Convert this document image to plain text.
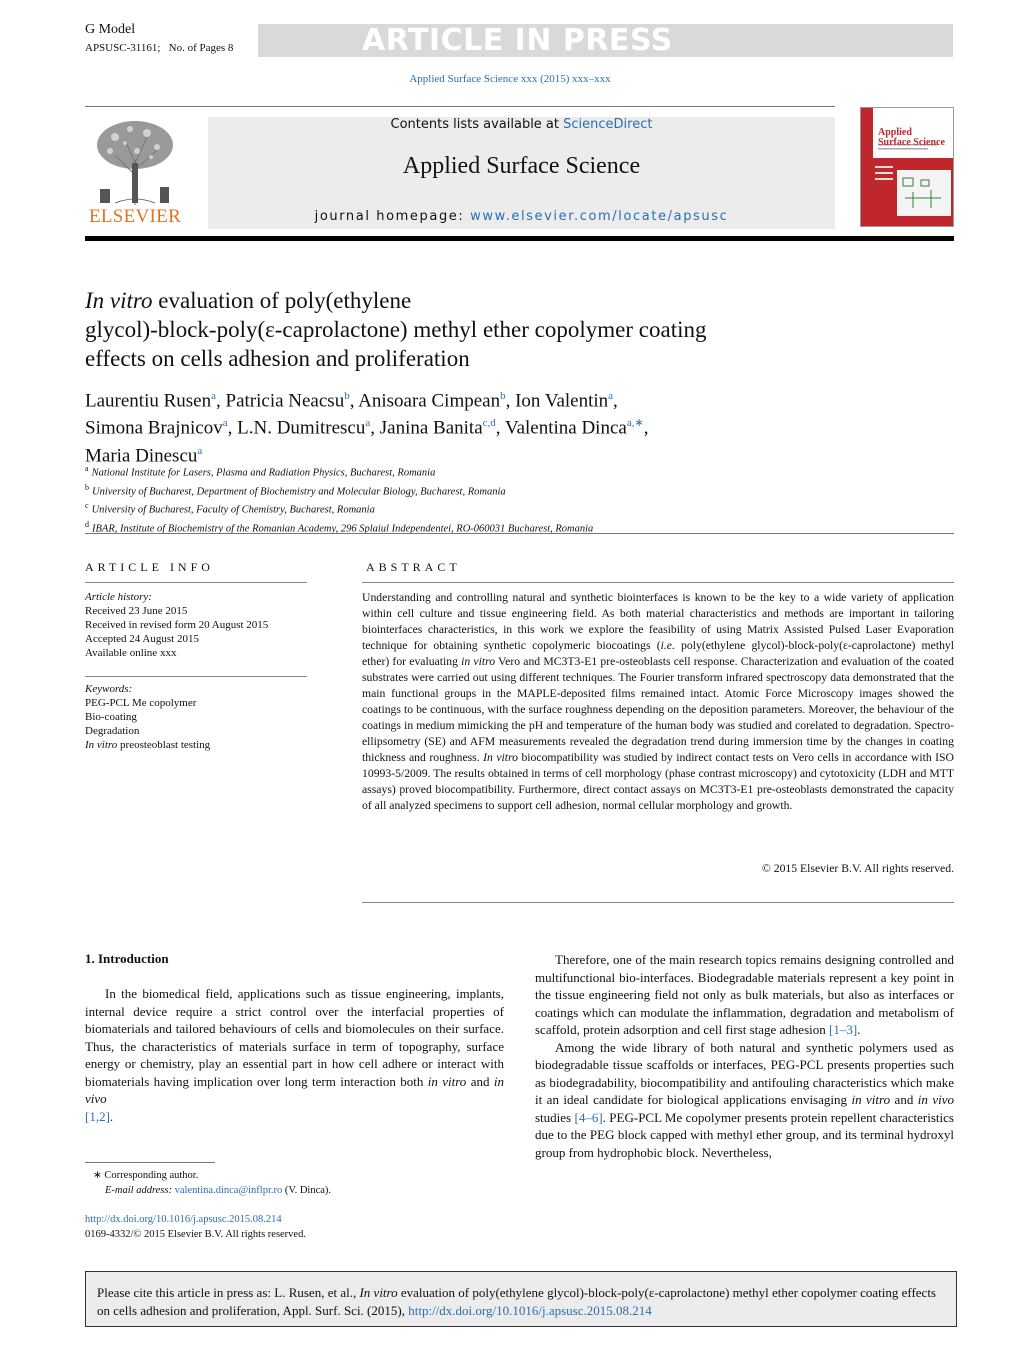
G Model
APSUSC-31161; No. of Pages 8	ARTICLE IN PRESS
Applied Surface Science xxx (2015) xxx–xxx
ELSEVIER
Contents lists available at ScienceDirect
Applied Surface Science
journal homepage: www.elsevier.com/locate/apsusc
Applied
Surface Science
In vitro evaluation of poly(ethylene
glycol)-block-poly(ε-caprolactone) methyl ether copolymer coating
effects on cells adhesion and proliferation
Laurentiu Rusen$^a$, Patricia Neacsu$^b$, Anisoara Cimpean$^b$, Ion Valentin$^a$,
Simona Brajnicov$^a$, L.N. Dumitrescu$^a$, Janina Banita$^{c,d}$, Valentina Dinca$^{a,∗}$,
Maria Dinescu$^a$
$^a$ National Institute for Lasers, Plasma and Radiation Physics, Bucharest, Romania
$^b$ University of Bucharest, Department of Biochemistry and Molecular Biology, Bucharest, Romania
$^c$ University of Bucharest, Faculty of Chemistry, Bucharest, Romania
$^d$ IBAR, Institute of Biochemistry of the Romanian Academy, 296 Splaiul Independentei, RO-060031 Bucharest, Romania
ARTICLE INFO
Article history:
Received 23 June 2015
Received in revised form 20 August 2015
Accepted 24 August 2015
Available online xxx
Keywords:
PEG-PCL Me copolymer
Bio-coating
Degradation
In vitro preosteoblast testing
ABSTRACT
Understanding and controlling natural and synthetic biointerfaces is known to be the key to a wide variety of application within cell culture and tissue engineering field. As both material characteristics and methods are important in tailoring biointerfaces characteristics, in this work we explore the feasibility of using Matrix Assisted Pulsed Laser Evaporation technique for obtaining synthetic copolymeric biocoatings (i.e. poly(ethylene glycol)-block-poly(ε-caprolactone) methyl ether) for evaluating in vitro Vero and MC3T3-E1 pre-osteoblasts cell response. Characterization and evaluation of the coated substrates were carried out using different techniques. The Fourier transform infrared spectroscopy data demonstrated that the main functional groups in the MAPLE-deposited films remained intact. Atomic Force Microscopy images showed the coatings to be continuous, with the surface roughness depending on the deposition parameters. Moreover, the behaviour of the coatings in medium mimicking the pH and temperature of the human body was studied and corelated to degradation. Spectro-ellipsometry (SE) and AFM measurements revealed the degradation trend during immersion time by the changes in coating thickness and roughness. In vitro biocompatibility was studied by indirect contact tests on Vero cells in accordance with ISO 10993-5/2009. The results obtained in terms of cell morphology (phase contrast microscopy) and cytotoxicity (LDH and MTT assays) proved biocompatibility. Furthermore, direct contact assays on MC3T3-E1 pre-osteoblasts demonstrated the capacity of all analyzed specimens to support cell adhesion, normal cellular morphology and growth.
© 2015 Elsevier B.V. All rights reserved.
1. Introduction
In the biomedical field, applications such as tissue engineering, implants, internal device require a strict control over the interfacial properties of biomaterials and tailored behaviours of cells and biomolecules on their surface. Thus, the characteristics of materials surface in term of topography, surface energy or chemistry, play an essential part in how cell adhere or interact with biomaterials having implication over long term interaction both in vitro and in vivo
[1,2].
Therefore, one of the main research topics remains designing controlled and multifunctional bio-interfaces. Biodegradable materials represent a key point in the tissue engineering field not only as bulk materials, but also as interfaces or coatings which can modulate the inflammation, degradation and metabolism of scaffold, protein adsorption and cell first stage adhesion [1–3].
Among the wide library of both natural and synthetic polymers used as biodegradable tissue scaffolds or interfaces, PEG-PCL presents properties such as biodegradability, biocompatibility and antifouling characteristics which make it an ideal candidate for biological applications envisaging in vitro and in vivo studies [4–6]. PEG-PCL Me copolymer presents protein repellent characteristics due to the PEG block capped with methyl ether group, and its terminal hydroxyl group from hydrophobic block. Nevertheless,
∗ Corresponding author.
E-mail address: valentina.dinca@inflpr.ro (V. Dinca).
http://dx.doi.org/10.1016/j.apsusc.2015.08.214
0169-4332/© 2015 Elsevier B.V. All rights reserved.
Please cite this article in press as: L. Rusen, et al., In vitro evaluation of poly(ethylene glycol)-block-poly(ε-caprolactone) methyl ether copolymer coating effects on cells adhesion and proliferation, Appl. Surf. Sci. (2015), http://dx.doi.org/10.1016/j.apsusc.2015.08.214
